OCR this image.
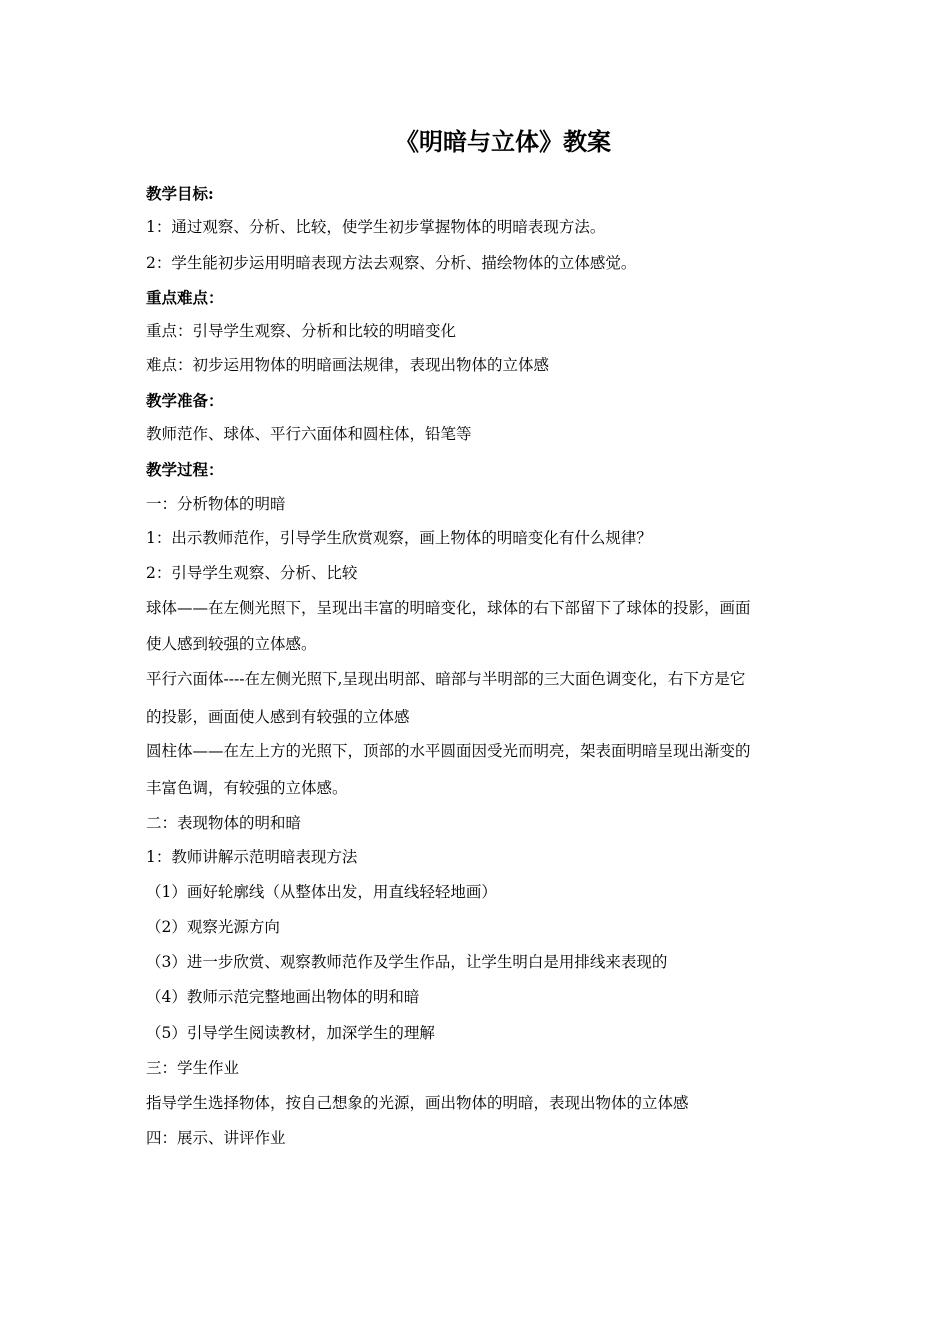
《明暗与立体》教案
教学目标:
1：通过观察、分析、比较，使学生初步掌握物体的明暗表现方法。
2：学生能初步运用明暗表现方法去观察、分析、描绘物体的立体感觉。
重点难点：
重点：引导学生观察、分析和比较的明暗变化
难点：初步运用物体的明暗画法规律，表现出物体的立体感
教学准备：
教师范作、球体、平行六面体和圆柱体，铅笔等
教学过程：
一：分析物体的明暗
1：出示教师范作，引导学生欣赏观察，画上物体的明暗变化有什么规律？
2：引导学生观察、分析、比较
球体——在左侧光照下，呈现出丰富的明暗变化，球体的右下部留下了球体的投影，画面
使人感到较强的立体感。
平行六面体----在左侧光照下,呈现出明部、暗部与半明部的三大面色调变化，右下方是它
的投影，画面使人感到有较强的立体感
圆柱体——在左上方的光照下，顶部的水平圆面因受光而明亮，架表面明暗呈现出渐变的
丰富色调，有较强的立体感。
二：表现物体的明和暗
1：教师讲解示范明暗表现方法
（1）画好轮廓线（从整体出发，用直线轻轻地画）
（2）观察光源方向
（3）进一步欣赏、观察教师范作及学生作品，让学生明白是用排线来表现的
（4）教师示范完整地画出物体的明和暗
（5）引导学生阅读教材，加深学生的理解
三：学生作业
指导学生选择物体，按自己想象的光源，画出物体的明暗，表现出物体的立体感
四：展示、讲评作业
